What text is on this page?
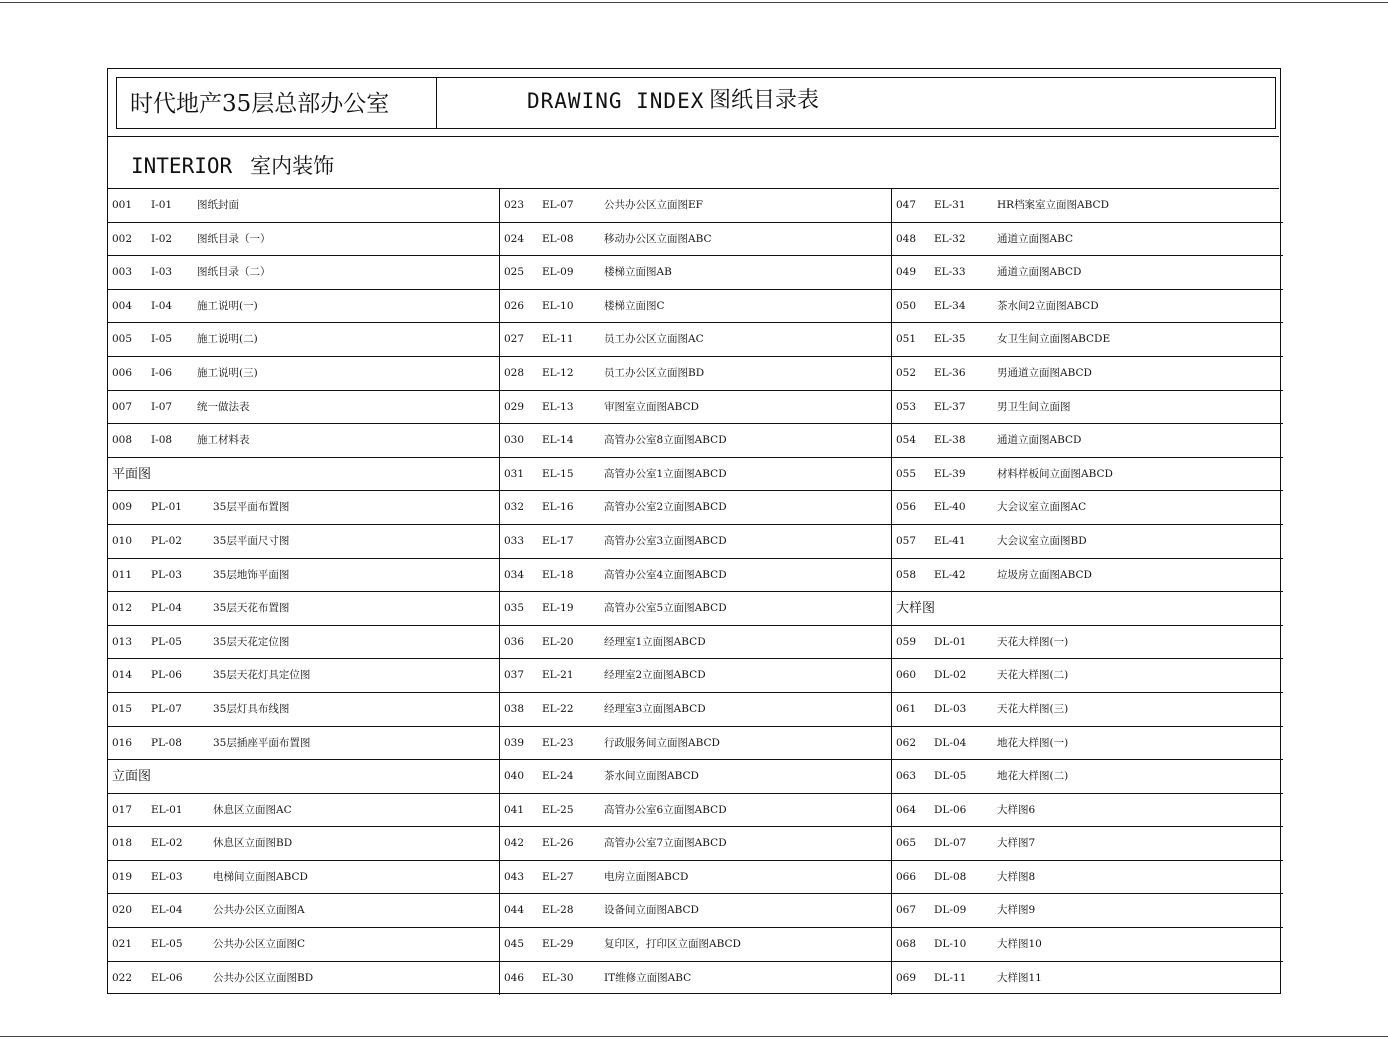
时代地产35层总部办公室	DRAWING INDEX 图纸目录表
INTERIOR 室内装饰
001 I-01 图纸封面
002 I-02 图纸目录（一）
003 I-03 图纸目录（二）
004 I-04 施工说明(一)
005 I-05 施工说明(二)
006 I-06 施工说明(三)
007 I-07 统一做法表
008 I-08 施工材料表
平面图
009 PL-01	35层平面布置图
010 PL-02	35层平面尺寸图
011 PL-03	35层地饰平面图
012 PL-04	35层天花布置图
013 PL-05	35层天花定位图
014 PL-06	35层天花灯具定位图
015 PL-07	35层灯具布线图
016 PL-08	35层插座平面布置图
立面图
017 EL-01	休息区立面图AC
018 EL-02	休息区立面图BD
019 EL-03	电梯间立面图ABCD
020 EL-04	公共办公区立面图A
021 EL-05	公共办公区立面图C
022 EL-06	公共办公区立面图BD
023 EL-07	公共办公区立面图EF
024 EL-08	移动办公区立面图ABC
025 EL-09	楼梯立面图AB
026 EL-10	楼梯立面图C
027 EL-11	员工办公区立面图AC
028 EL-12	员工办公区立面图BD
029 EL-13	审图室立面图ABCD
030 EL-14	高管办公室8立面图ABCD
031 EL-15	高管办公室1立面图ABCD
032 EL-16	高管办公室2立面图ABCD
033 EL-17	高管办公室3立面图ABCD
034 EL-18	高管办公室4立面图ABCD
035 EL-19	高管办公室5立面图ABCD
036 EL-20	经理室1立面图ABCD
037 EL-21	经理室2立面图ABCD
038 EL-22	经理室3立面图ABCD
039 EL-23	行政服务间立面图ABCD
040 EL-24	茶水间立面图ABCD
041 EL-25	高管办公室6立面图ABCD
042 EL-26	高管办公室7立面图ABCD
043 EL-27	电房立面图ABCD
044 EL-28	设备间立面图ABCD
045 EL-29	复印区，打印区立面图ABCD
046 EL-30	IT维修立面图ABC
047 EL-31	HR档案室立面图ABCD
048 EL-32	通道立面图ABC
049 EL-33	通道立面图ABCD
050 EL-34	茶水间2立面图ABCD
051 EL-35	女卫生间立面图ABCDE
052 EL-36	男通道立面图ABCD
053 EL-37	男卫生间立面图
054 EL-38	通道立面图ABCD
055 EL-39	材料样板间立面图ABCD
056 EL-40	大会议室立面图AC
057 EL-41	大会议室立面图BD
058 EL-42	垃圾房立面图ABCD
大样图
059 DL-01	天花大样图(一)
060 DL-02	天花大样图(二)
061 DL-03	天花大样图(三)
062 DL-04	地花大样图(一)
063 DL-05	地花大样图(二)
064 DL-06	大样图6
065 DL-07	大样图7
066 DL-08	大样图8
067 DL-09	大样图9
068 DL-10	大样图10
069 DL-11	大样图11
